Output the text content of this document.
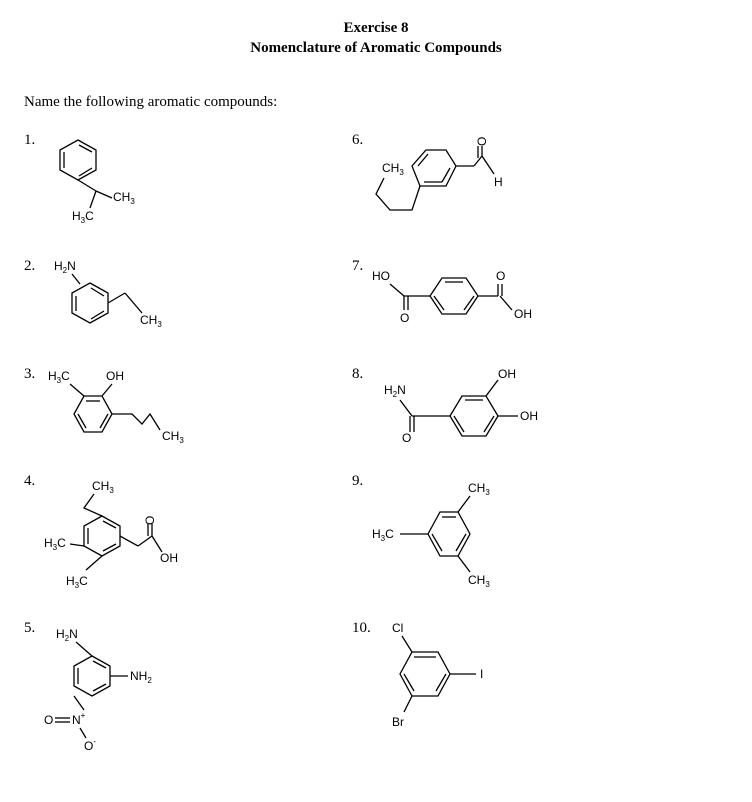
Exercise 8
Nomenclature of Aromatic Compounds
Name the following aromatic compounds:
1.
2.
3.
4.
5.
6.
7.
8.
9.
10.
$CH_3$
$H_3C$
$H_2N$
$CH_3$
$H_3C$	OH
$CH_3$
$CH_3$
$H_3C$
$H_3C$
O
OH
$H_2N$
$NH_2$
O N+
O-
$CH_3$
O
H
HO
O
O
OH
$H_2N$
O
OH
OH
$CH_3$
$H_3C$
$CH_3$
Cl
I
Br
